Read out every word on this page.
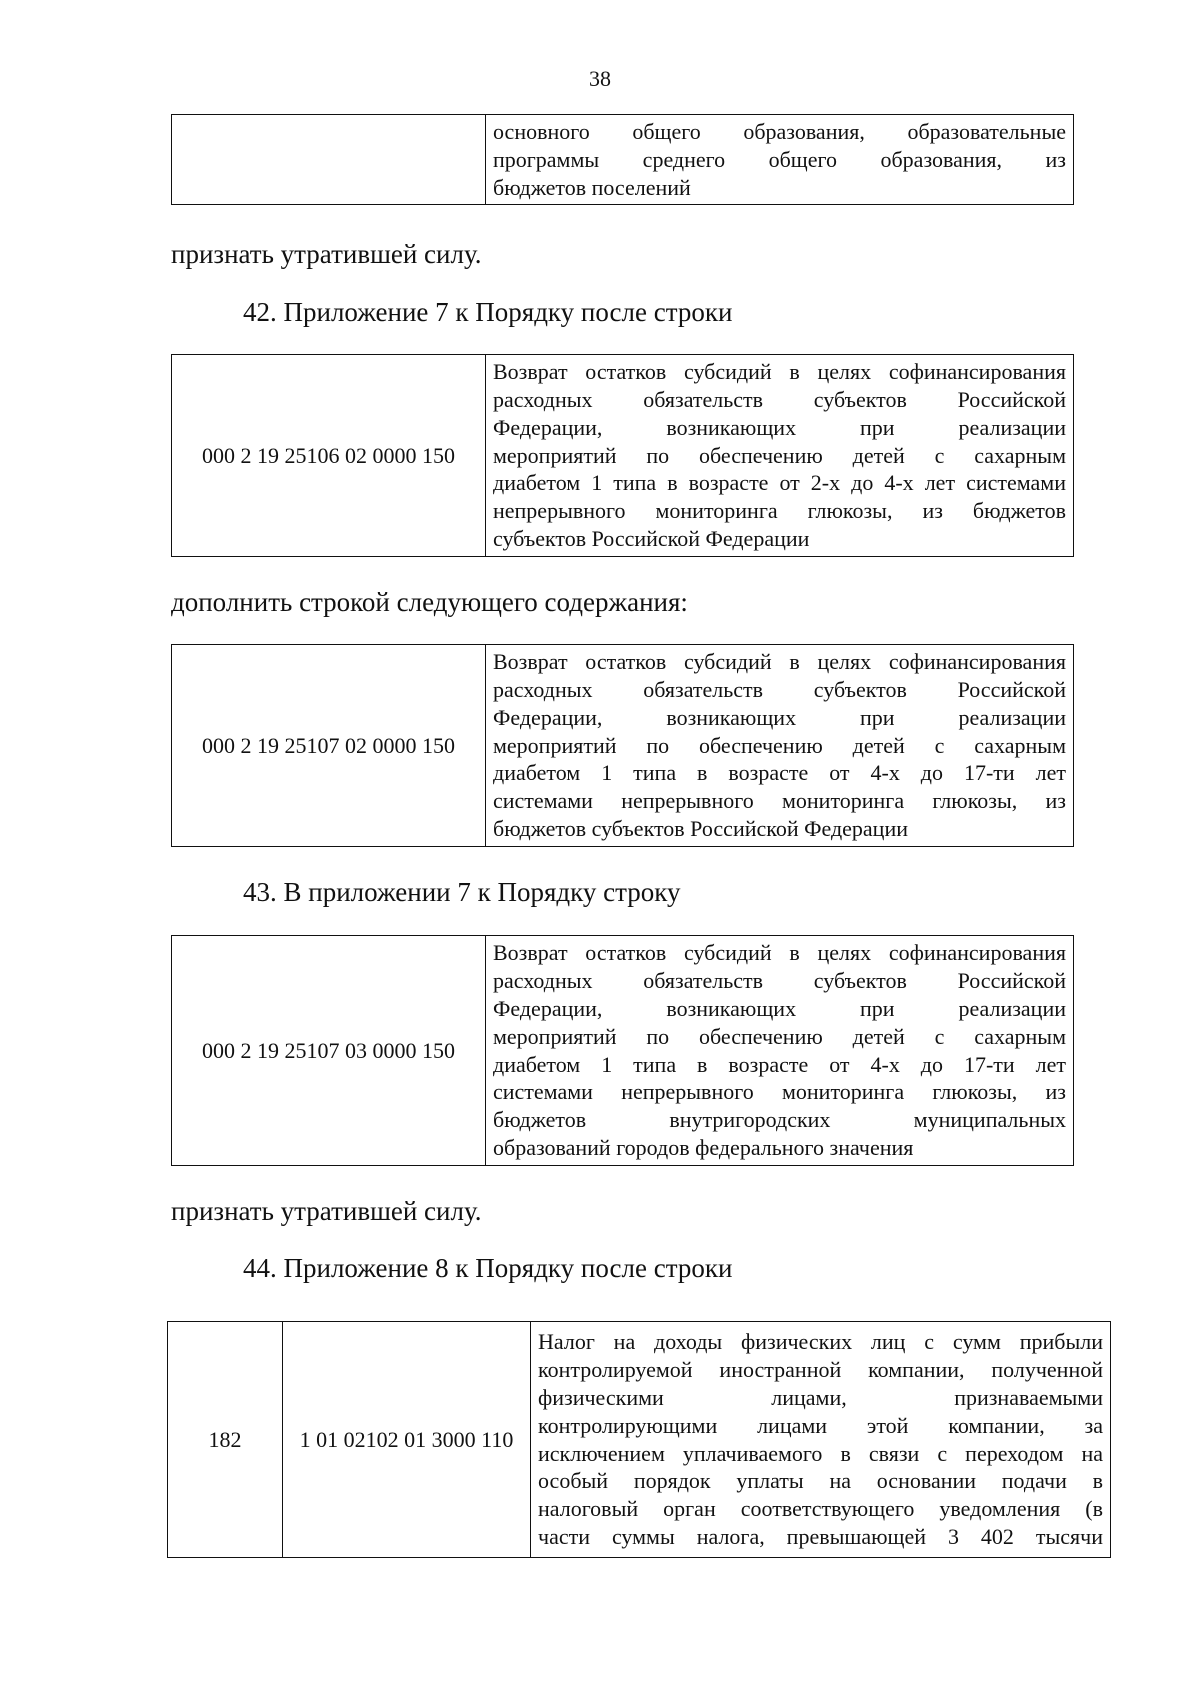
38

основного общего образования, образовательные
программы среднего общего образования, из
бюджетов поселений
признать утратившей силу.
42. Приложение 7 к Порядку после строки
000 2 19 25106 02 0000 150	
Возврат остатков субсидий в целях софинансирования
расходных обязательств субъектов Российской
Федерации, возникающих при реализации
мероприятий по обеспечению детей с сахарным
диабетом 1 типа в возрасте от 2-х до 4-х лет системами
непрерывного мониторинга глюкозы, из бюджетов
субъектов Российской Федерации
дополнить строкой следующего содержания:
000 2 19 25107 02 0000 150	
Возврат остатков субсидий в целях софинансирования
расходных обязательств субъектов Российской
Федерации, возникающих при реализации
мероприятий по обеспечению детей с сахарным
диабетом 1 типа в возрасте от 4-х до 17-ти лет
системами непрерывного мониторинга глюкозы, из
бюджетов субъектов Российской Федерации
43. В приложении 7 к Порядку строку
000 2 19 25107 03 0000 150	
Возврат остатков субсидий в целях софинансирования
расходных обязательств субъектов Российской
Федерации, возникающих при реализации
мероприятий по обеспечению детей с сахарным
диабетом 1 типа в возрасте от 4-х до 17-ти лет
системами непрерывного мониторинга глюкозы, из
бюджетов внутригородских муниципальных
образований городов федерального значения
признать утратившей силу.
44. Приложение 8 к Порядку после строки
182	1 01 02102 01 3000 110	
Налог на доходы физических лиц с сумм прибыли
контролируемой иностранной компании, полученной
физическими лицами, признаваемыми
контролирующими лицами этой компании, за
исключением уплачиваемого в связи с переходом на
особый порядок уплаты на основании подачи в
налоговый орган соответствующего уведомления (в
части суммы налога, превышающей 3 402 тысячи
